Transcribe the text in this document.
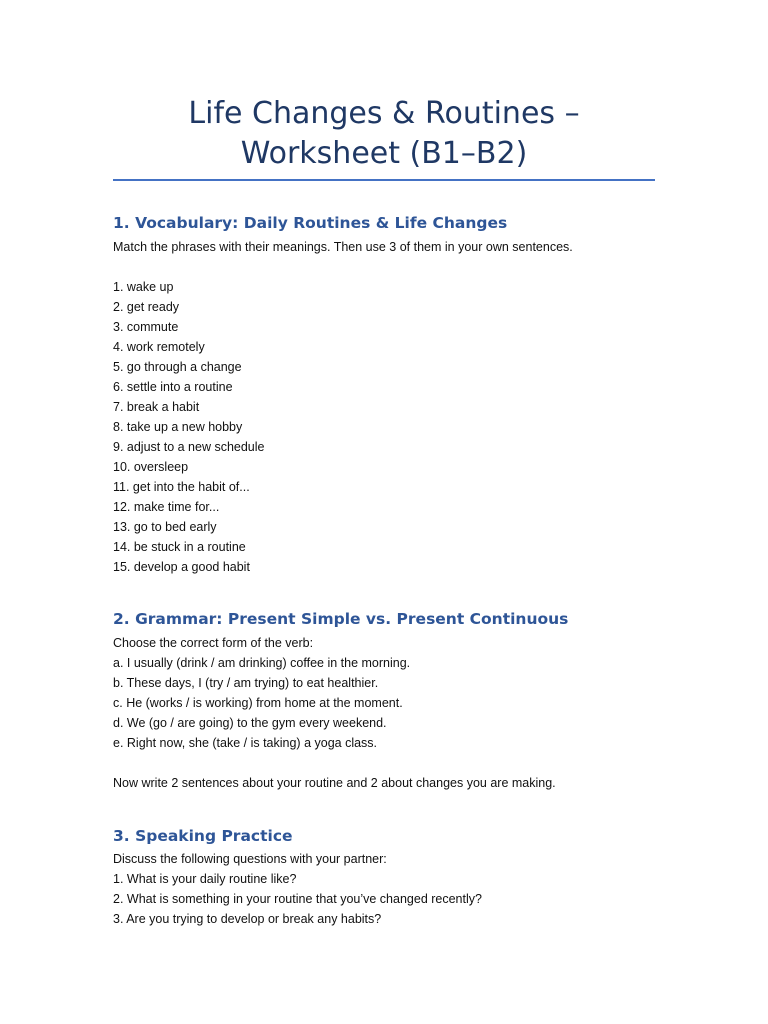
Life Changes & Routines – Worksheet (B1–B2)
1. Vocabulary: Daily Routines & Life Changes

Match the phrases with their meanings. Then use 3 of them in your own sentences.

1. wake up
2. get ready
3. commute
4. work remotely
5. go through a change
6. settle into a routine
7. break a habit
8. take up a new hobby
9. adjust to a new schedule
10. oversleep
11. get into the habit of...
12. make time for...
13. go to bed early
14. be stuck in a routine
15. develop a good habit
2. Grammar: Present Simple vs. Present Continuous

Choose the correct form of the verb:

a. I usually (drink / am drinking) coffee in the morning.
b. These days, I (try / am trying) to eat healthier.
c. He (works / is working) from home at the moment.
d. We (go / are going) to the gym every weekend.
e. Right now, she (take / is taking) a yoga class.

Now write 2 sentences about your routine and 2 about changes you are making.

3. Speaking Practice

Discuss the following questions with your partner:

1. What is your daily routine like?
2. What is something in your routine that you’ve changed recently?
3. Are you trying to develop or break any habits?
